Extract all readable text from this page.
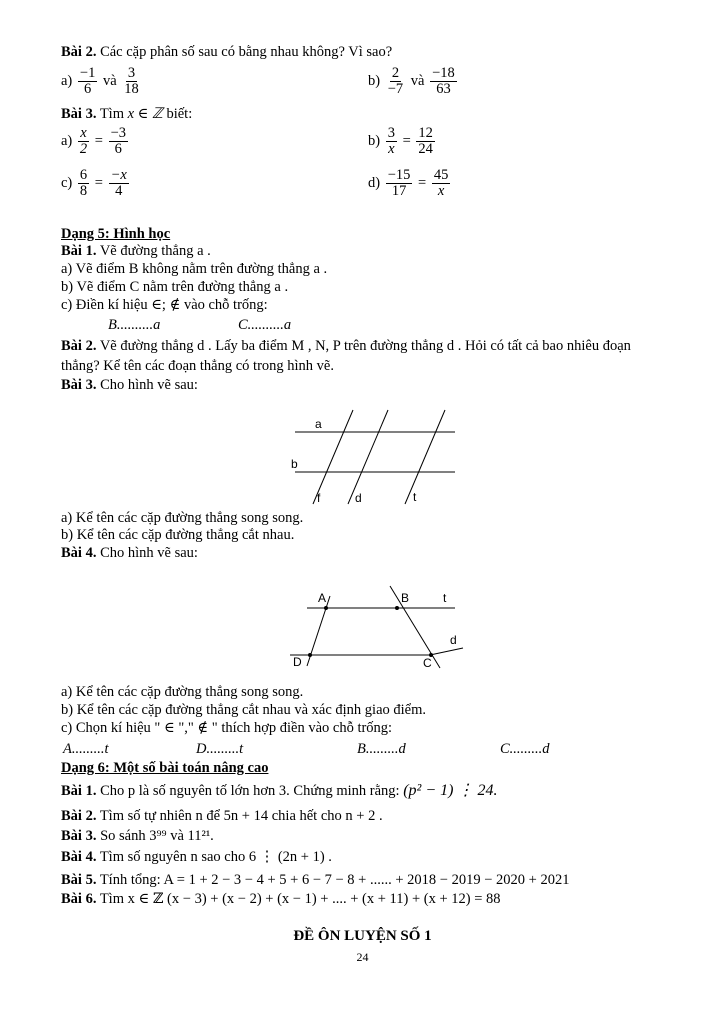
Bài 2. Các cặp phân số sau có bằng nhau không? Vì sao?
$a) \frac{-1}{6}$ và $\frac{3}{18}$	$b) \frac{2}{-7}$ và $\frac{-18}{63}$
Bài 3. Tìm x ∈ ℤ biết:
$a) \frac{x}{2} = \frac{-3}{6}$	$b) \frac{3}{x} = \frac{12}{24}$
$c) \frac{6}{8} = \frac{-x}{4}$	$d) \frac{-15}{17} = \frac{45}{x}$
Dạng 5: Hình học
Bài 1. Vẽ đường thẳng a .
a) Vẽ điểm B không nằm trên đường thẳng a .
b) Vẽ điểm C nằm trên đường thẳng a .
c) Điền kí hiệu ∈; ∉ vào chỗ trống:
B..........a	C..........a
Bài 2. Vẽ đường thẳng d . Lấy ba điểm M , N, P trên đường thẳng d . Hỏi có tất cả bao nhiêu đoạn
thẳng? Kể tên các đoạn thẳng có trong hình vẽ.
Bài 3. Cho hình vẽ sau:
a
b
f	d	t
a) Kể tên các cặp đường thẳng song song.
b) Kể tên các cặp đường thẳng cắt nhau.
Bài 4. Cho hình vẽ sau:
A	B	t
d
D	C
a) Kể tên các cặp đường thẳng song song.
b) Kể tên các cặp đường thẳng cắt nhau và xác định giao điểm.
c) Chọn kí hiệu " ∈ "," ∉ " thích hợp điền vào chỗ trống:
A.........t	D.........t	B.........d	C.........d
Dạng 6: Một số bài toán nâng cao
Bài 1. Cho p là số nguyên tố lớn hơn 3. Chứng minh rằng: (p² − 1) ⋮ 24.
Bài 2. Tìm số tự nhiên n để 5n + 14 chia hết cho n + 2 .
Bài 3. So sánh 3⁹⁹ và 11²¹.
Bài 4. Tìm số nguyên n sao cho 6 ⋮ (2n + 1) .
Bài 5. Tính tổng: A = 1 + 2 − 3 − 4 + 5 + 6 − 7 − 8 + ...... + 2018 − 2019 − 2020 + 2021
Bài 6. Tìm x ∈ ℤ (x − 3) + (x − 2) + (x − 1) + .... + (x + 11) + (x + 12) = 88
ĐỀ ÔN LUYỆN SỐ 1
24
